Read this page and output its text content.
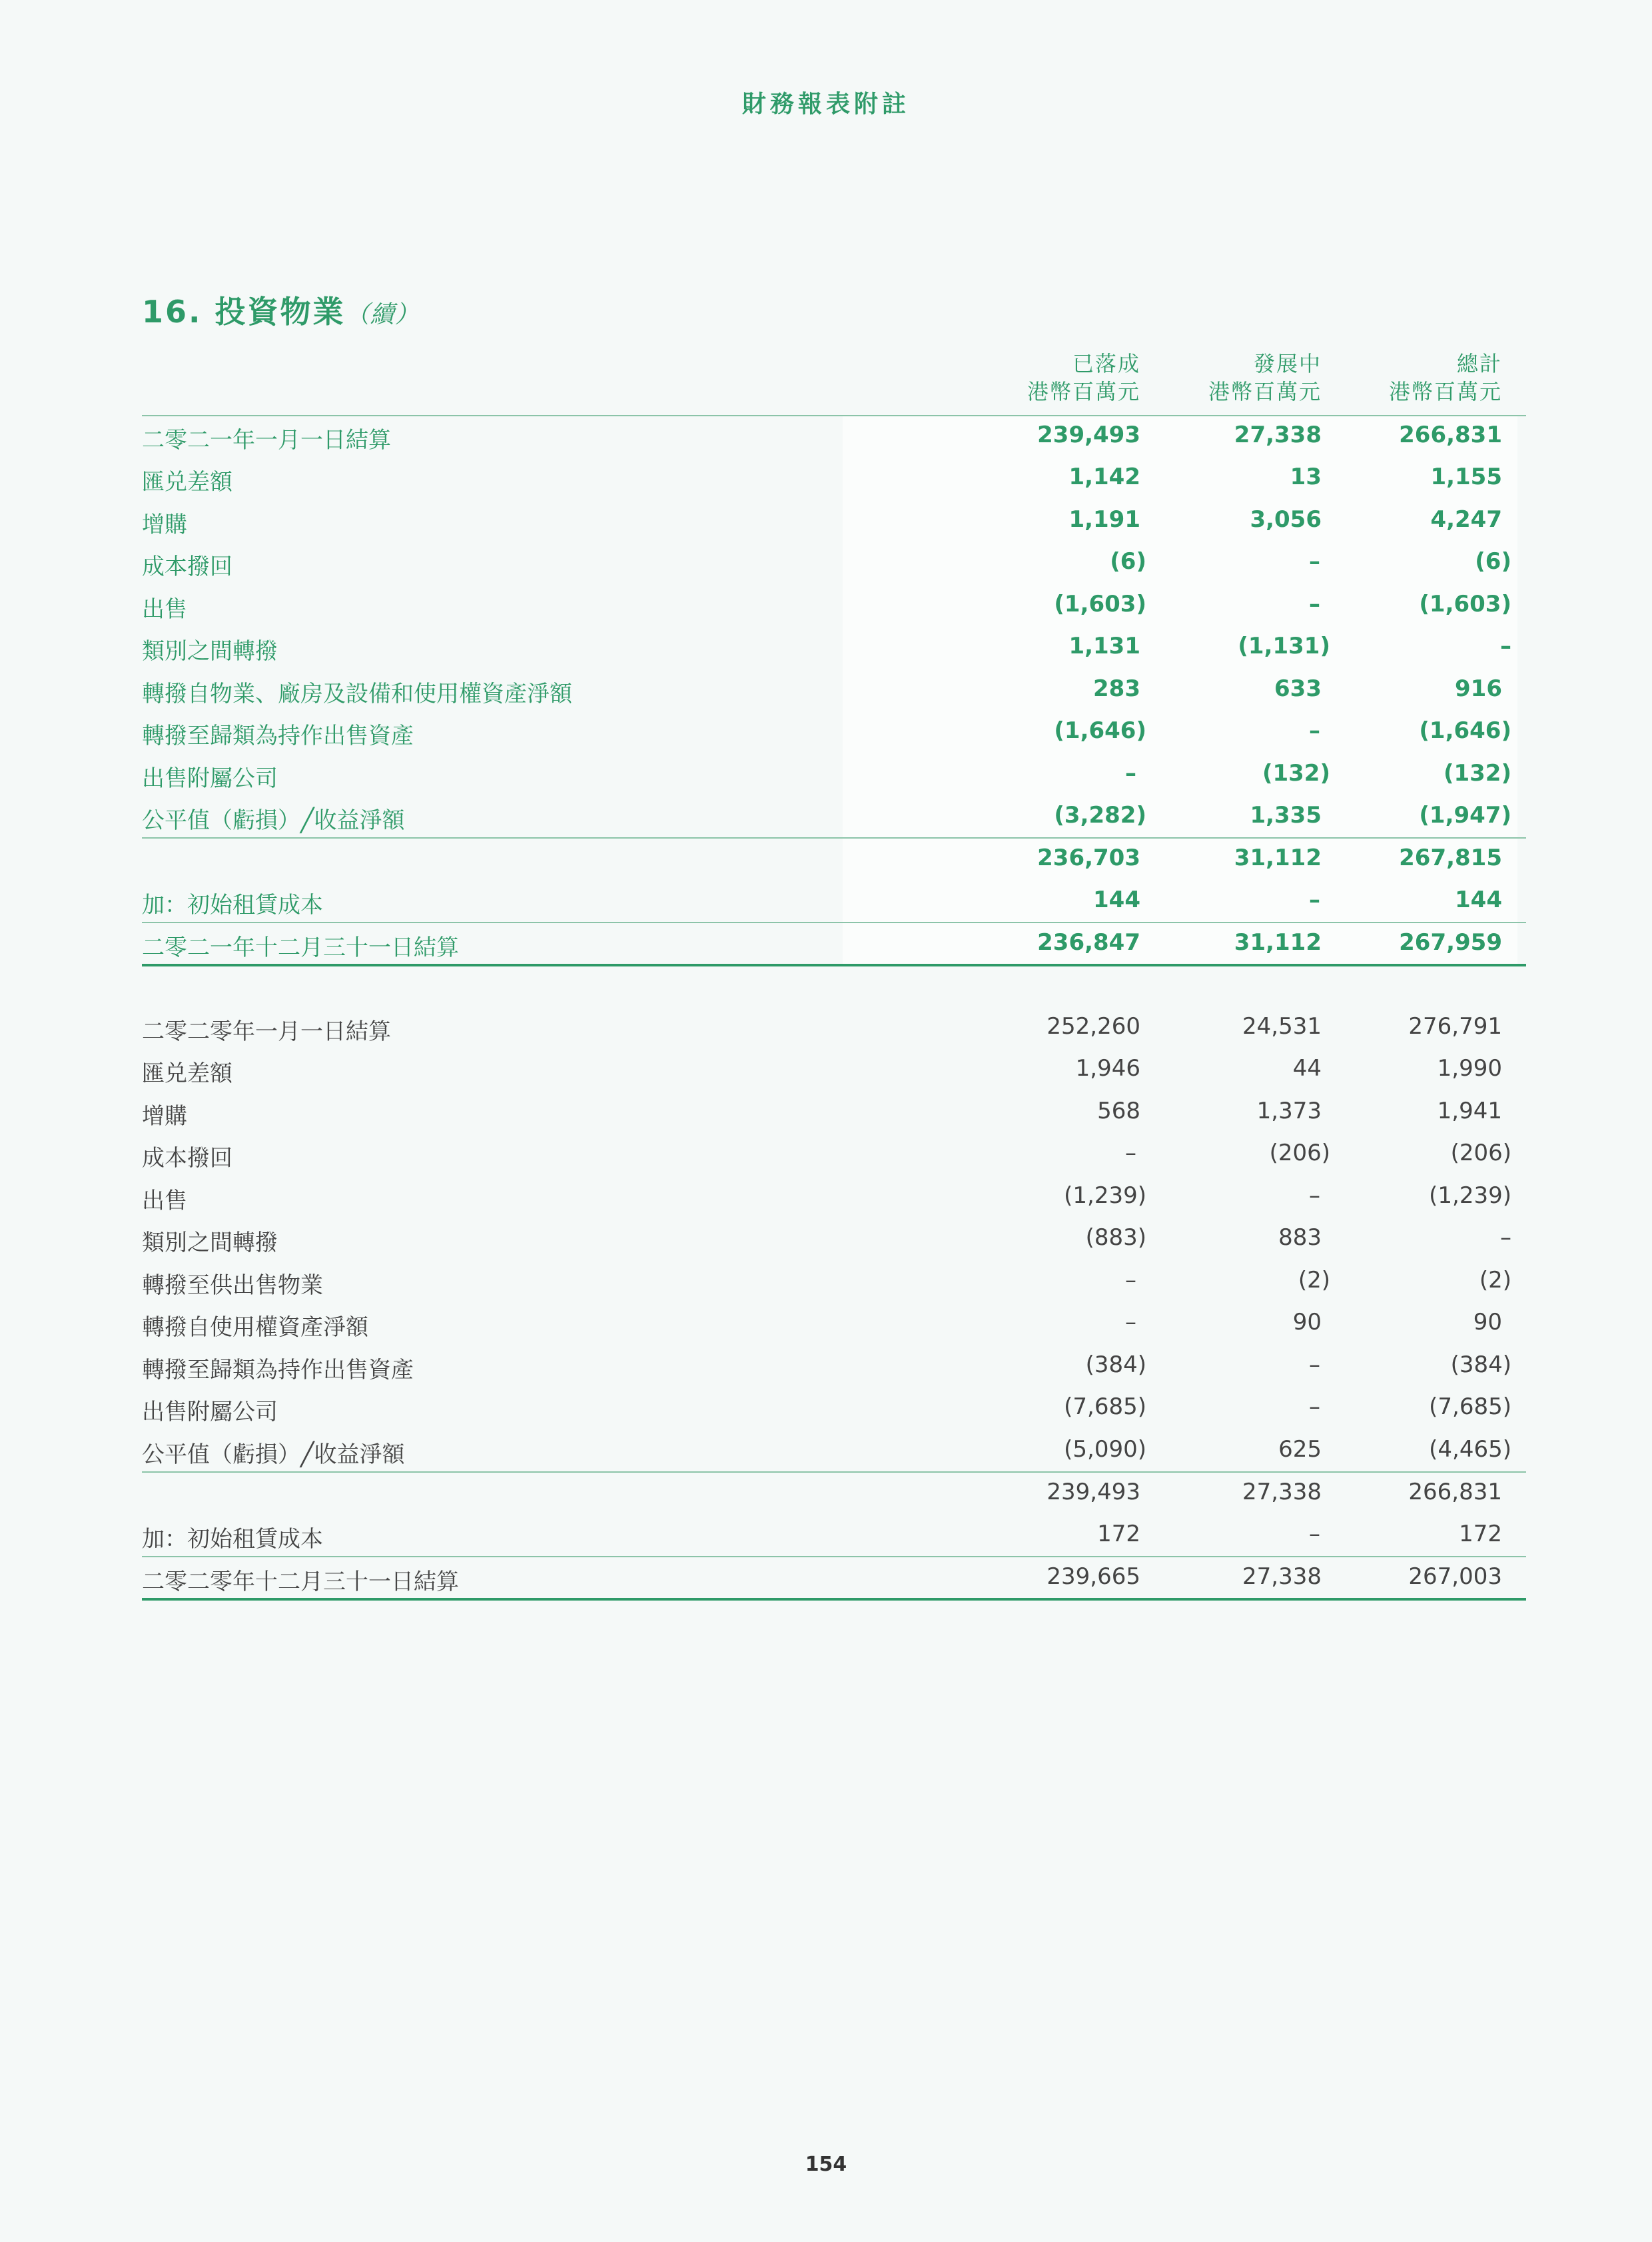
財務報表附註
16. 投資物業（續）
已落成
港幣百萬元
發展中
港幣百萬元
總計
港幣百萬元
二零二一年一月一日結算	239,493	27,338	266,831
匯兑差額	1,142	13	1,155
增購	1,191	3,056	4,247
成本撥回	(6)	–	(6)
出售	(1,603)	–	(1,603)
類別之間轉撥	1,131	(1,131)	–
轉撥自物業、廠房及設備和使用權資產淨額	283	633	916
轉撥至歸類為持作出售資產	(1,646)	–	(1,646)
出售附屬公司	–	(132)	(132)
公平值（虧損）╱收益淨額	(3,282)	1,335	(1,947)
236,703	31,112	267,815
加：初始租賃成本	144	–	144
二零二一年十二月三十一日結算	236,847	31,112	267,959
二零二零年一月一日結算	252,260	24,531	276,791
匯兑差額	1,946	44	1,990
增購	568	1,373	1,941
成本撥回	–	(206)	(206)
出售	(1,239)	–	(1,239)
類別之間轉撥	(883)	883	–
轉撥至供出售物業	–	(2)	(2)
轉撥自使用權資產淨額	–	90	90
轉撥至歸類為持作出售資產	(384)	–	(384)
出售附屬公司	(7,685)	–	(7,685)
公平值（虧損）╱收益淨額	(5,090)	625	(4,465)
239,493	27,338	266,831
加：初始租賃成本	172	–	172
二零二零年十二月三十一日結算	239,665	27,338	267,003
154
